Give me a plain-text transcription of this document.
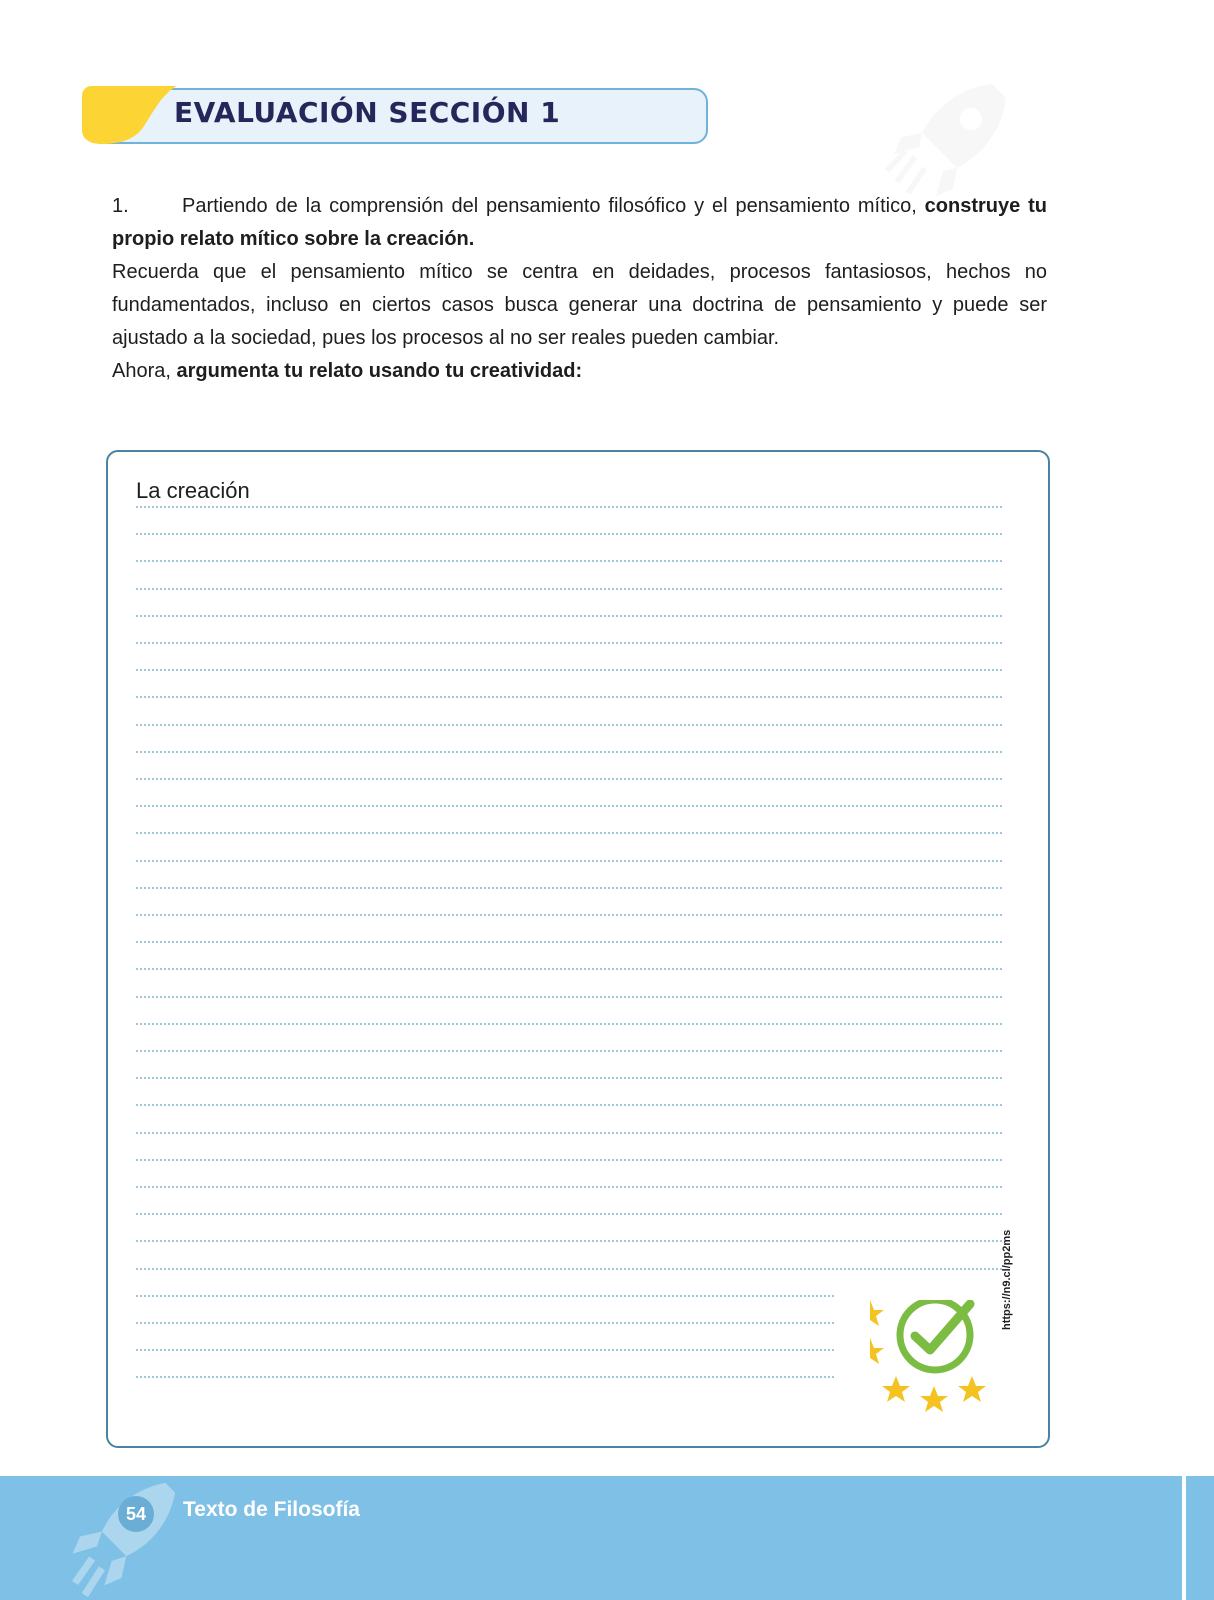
EVALUACIÓN SECCIÓN 1

1.	Partiendo de la comprensión del pensamiento filosófico y el pensamiento mítico, construye tu propio relato mítico sobre la creación.

Recuerda que el pensamiento mítico se centra en deidades, procesos fantasiosos, hechos no fundamentados, incluso en ciertos casos busca generar una doctrina de pensamiento y puede ser ajustado a la sociedad, pues los procesos al no ser reales pueden cambiar.

Ahora, argumenta tu relato usando tu creatividad:

La creación
https://n9.cl/pp2ms
54	Texto de Filosofía
